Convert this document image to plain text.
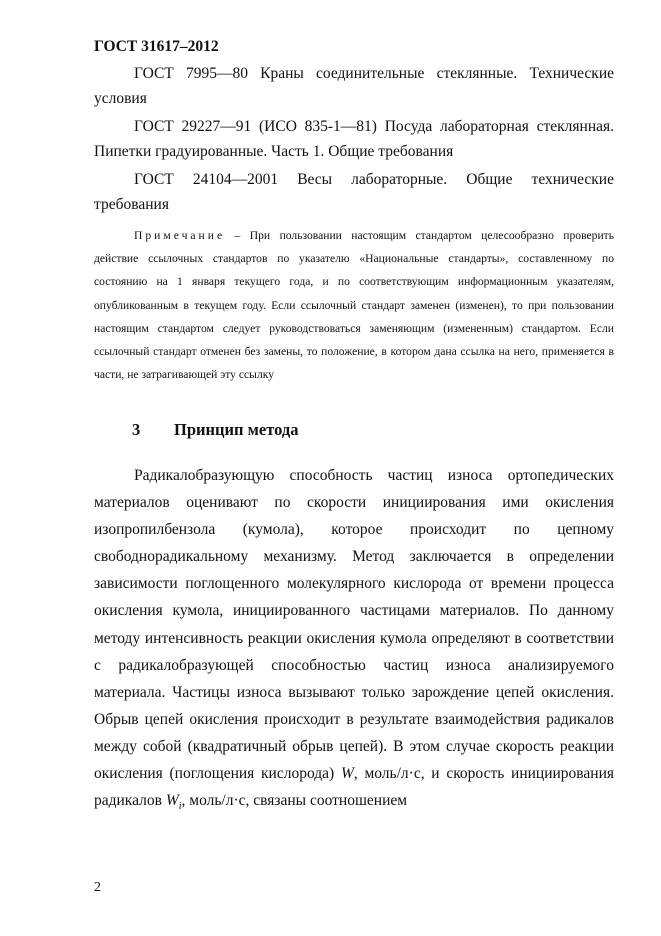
ГОСТ 31617–2012
ГОСТ 7995—80 Краны соединительные стеклянные. Технические условия
ГОСТ 29227—91 (ИСО 835-1—81) Посуда лабораторная стеклянная. Пипетки градуированные. Часть 1. Общие требования
ГОСТ 24104—2001 Весы лабораторные. Общие технические требования
Примечание – При пользовании настоящим стандартом целесообразно проверить действие ссылочных стандартов по указателю «Национальные стандарты», составленному по состоянию на 1 января текущего года, и по соответствующим информационным указателям, опубликованным в текущем году. Если ссылочный стандарт заменен (изменен), то при пользовании настоящим стандартом следует руководствоваться заменяющим (измененным) стандартом. Если ссылочный стандарт отменен без замены, то положение, в котором дана ссылка на него, применяется в части, не затрагивающей эту ссылку
3 Принцип метода
Радикалобразующую способность частиц износа ортопедических материалов оценивают по скорости инициирования ими окисления изопропилбензола (кумола), которое происходит по цепному свободнорадикальному механизму. Метод заключается в определении зависимости поглощенного молекулярного кислорода от времени процесса окисления кумола, инициированного частицами материалов. По данному методу интенсивность реакции окисления кумола определяют в соответствии с радикалобразующей способностью частиц износа анализируемого материала. Частицы износа вызывают только зарождение цепей окисления. Обрыв цепей окисления происходит в результате взаимодействия радикалов между собой (квадратичный обрыв цепей). В этом случае скорость реакции окисления (поглощения кислорода) W, моль/л·с, и скорость инициирования радикалов $W_i$, моль/л·с, связаны соотношением
2
